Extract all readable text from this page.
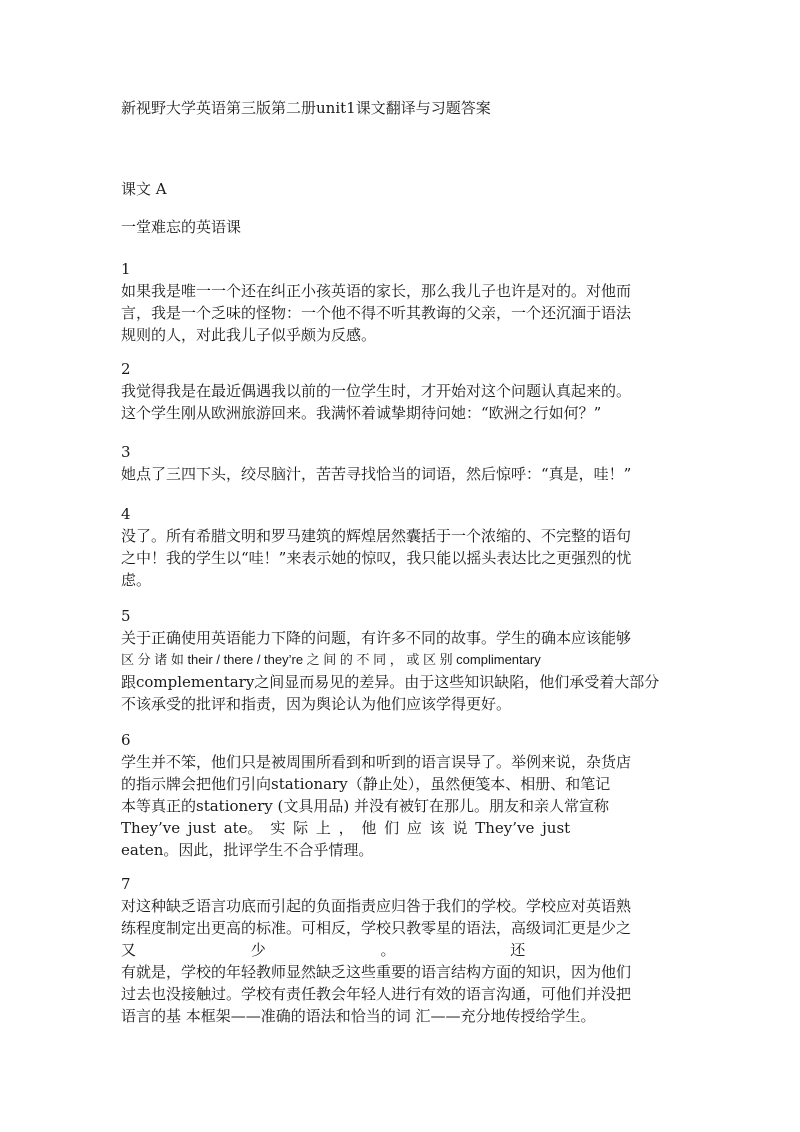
新视野大学英语第三版第二册unit1课文翻译与习题答案
课文 A
一堂难忘的英语课
1
如果我是唯一一个还在纠正小孩英语的家长，那么我儿子也许是对的。对他而
言，我是一个乏味的怪物：一个他不得不听其教诲的父亲，一个还沉湎于语法
规则的人，对此我儿子似乎颇为反感。
2
我觉得我是在最近偶遇我以前的一位学生时，才开始对这个问题认真起来的。
这个学生刚从欧洲旅游回来。我满怀着诚挚期待问她：“欧洲之行如何？”
3
她点了三四下头，绞尽脑汁，苦苦寻找恰当的词语，然后惊呼：“真是，哇！”
4
没了。所有希腊文明和罗马建筑的辉煌居然囊括于一个浓缩的、不完整的语句
之中！我的学生以“哇！”来表示她的惊叹，我只能以摇头表达比之更强烈的忧
虑。
5
关于正确使用英语能力下降的问题，有许多不同的故事。学生的确本应该能够
区 分 诸 如 their / there / they’re 之 间 的 不 同 ， 或 区 别 complimentary
跟complementary之间显而易见的差异。由于这些知识缺陷，他们承受着大部分
不该承受的批评和指责，因为舆论认为他们应该学得更好。
6
学生并不笨，他们只是被周围所看到和听到的语言误导了。举例来说，杂货店
的指示牌会把他们引向stationary（静止处），虽然便笺本、相册、和笔记
本等真正的stationery (文具用品) 并没有被钉在那儿。朋友和亲人常宣称
They’ve just ate。 实 际 上 ， 他 们 应 该 说 They’ve just
eaten。因此，批评学生不合乎情理。
7
对这种缺乏语言功底而引起的负面指责应归咎于我们的学校。学校应对英语熟
练程度制定出更高的标准。可相反，学校只教零星的语法，高级词汇更是少之
又 少 。 还
有就是，学校的年轻教师显然缺乏这些重要的语言结构方面的知识，因为他们
过去也没接触过。学校有责任教会年轻人进行有效的语言沟通，可他们并没把
语言的基 本框架——准确的语法和恰当的词 汇——充分地传授给学生。
